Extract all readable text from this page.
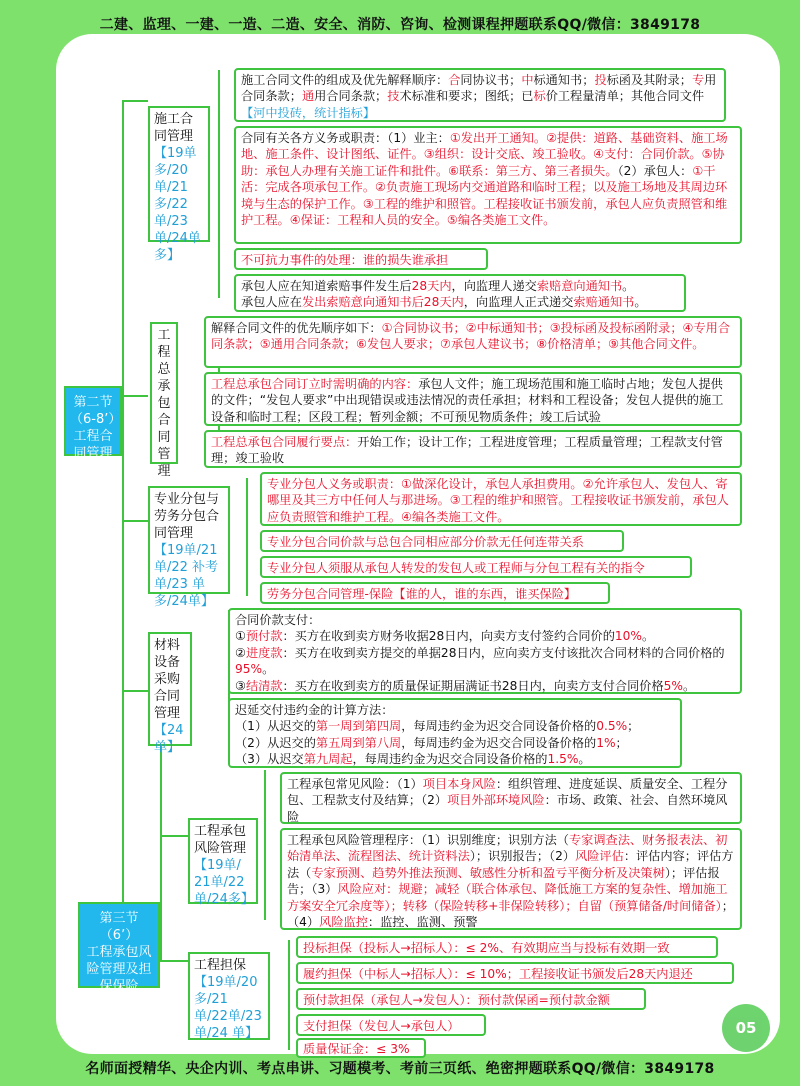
二建、监理、一建、一造、二造、安全、消防、咨询、检测课程押题联系QQ/微信：3849178
第二节
（6-8’）
工程合同管理
第三节
（6’）
工程承包风险管理及担保保险
施工合同管理
【19单多/20单/21多/22单/23单/24单多】
工程总承包合同管理
专业分包与劳务分包合同管理
【19单/21单/22 补考单/23 单多/24单】
材料设备采购合同管理
【24单】
工程承包风险管理
【19单/ 21单/22 单/24多】
工程担保
【19单/20多/21 单/22单/23单/24 单】
施工合同文件的组成及优先解释顺序：合同协议书；中标通知书；投标函及其附录；专用合同条款；通用合同条款；技术标准和要求；图纸；已标价工程量清单；其他合同文件【河中投砖，统计指标】
合同有关各方义务或职责：（1）业主：①发出开工通知。②提供：道路、基础资料、施工场地、施工条件、设计图纸、证件。③组织：设计交底、竣工验收。④支付：合同价款。⑤协助：承包人办理有关施工证件和批件。⑥联系：第三方、第三者损失。（2）承包人：①干活：完成各项承包工作。②负责施工现场内交通道路和临时工程；以及施工场地及其周边环境与生态的保护工作。③工程的维护和照管。工程接收证书颁发前，承包人应负责照管和维护工程。④保证：工程和人员的安全。⑤编各类施工文件。
不可抗力事件的处理：谁的损失谁承担
承包人应在知道索赔事件发生后28天内，向监理人递交索赔意向通知书。
承包人应在发出索赔意向通知书后28天内，向监理人正式递交索赔通知书。
解释合同文件的优先顺序如下：①合同协议书；②中标通知书；③投标函及投标函附录；④专用合同条款；⑤通用合同条款；⑥发包人要求；⑦承包人建议书；⑧价格清单；⑨其他合同文件。
工程总承包合同订立时需明确的内容：承包人文件；施工现场范围和施工临时占地；发包人提供的文件；“发包人要求”中出现错误或违法情况的责任承担；材料和工程设备；发包人提供的施工设备和临时工程；区段工程；暂列金额；不可预见物质条件；竣工后试验
工程总承包合同履行要点：开始工作；设计工作；工程进度管理；工程质量管理；工程款支付管理；竣工验收
专业分包人义务或职责：①做深化设计，承包人承担费用。②允许承包人、发包人、寄哪里及其三方中任何人与那进场。③工程的维护和照管。工程接收证书颁发前，承包人应负责照管和维护工程。④编各类施工文件。
专业分包合同价款与总包合同相应部分价款无任何连带关系
专业分包人须服从承包人转发的发包人或工程师与分包工程有关的指令
劳务分包合同管理-保险【谁的人，谁的东西，谁买保险】
合同价款支付：
①预付款：买方在收到卖方财务收据28日内，向卖方支付签约合同价的10%。
②进度款：买方在收到卖方提交的单据28日内，应向卖方支付该批次合同材料的合同价格的95%。
③结清款：买方在收到卖方的质量保证期届满证书28日内，向卖方支付合同价格5%。
迟延交付违约金的计算方法：
（1）从迟交的第一周到第四周，每周违约金为迟交合同设备价格的0.5%；
（2）从迟交的第五周到第八周，每周违约金为迟交合同设备价格的1%；
（3）从迟交第九周起，每周违约金为迟交合同设备价格的1.5%。
工程承包常见风险：（1）项目本身风险：组织管理、进度延误、质量安全、工程分包、工程款支付及结算；（2）项目外部环境风险：市场、政策、社会、自然环境风险
工程承包风险管理程序：（1）识别维度；识别方法（专家调查法、财务报表法、初始清单法、流程图法、统计资料法）；识别报告；（2）风险评估：评估内容；评估方法（专家预测、趋势外推法预测、敏感性分析和盈亏平衡分析及决策树）；评估报告；（3）风险应对：规避；减轻（联合体承包、降低施工方案的复杂性、增加施工方案安全冗余度等）；转移（保险转移+非保险转移）；自留（预算储备/时间储备）；（4）风险监控：监控、监测、预警
投标担保（投标人→招标人）：≤ 2%、有效期应当与投标有效期一致
履约担保（中标人→招标人）：≤ 10%；工程接收证书颁发后28天内退还
预付款担保（承包人→发包人）：预付款保函=预付款金额
支付担保（发包人→承包人）
质量保证金：≤ 3%
05
名师面授精华、央企内训、考点串讲、习题模考、考前三页纸、绝密押题联系QQ/微信：3849178
